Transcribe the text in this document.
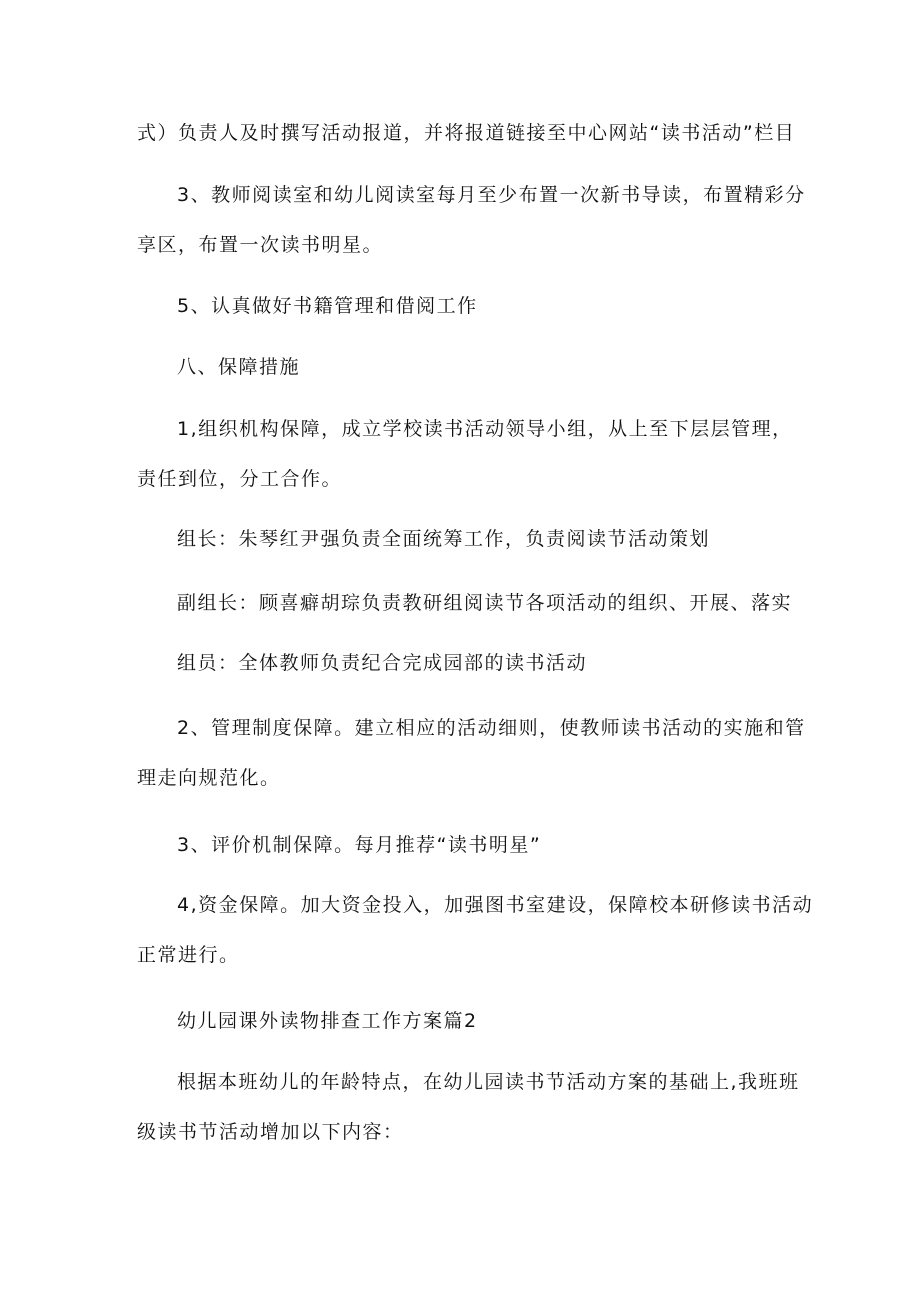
式）负责人及时撰写活动报道，并将报道链接至中心网站“读书活动”栏目

3、教师阅读室和幼儿阅读室每月至少布置一次新书导读，布置精彩分
享区，布置一次读书明星。

5、认真做好书籍管理和借阅工作

八、保障措施

1,组织机构保障，成立学校读书活动领导小组，从上至下层层管理，
责任到位，分工合作。

组长：朱琴红尹强负责全面统筹工作，负责阅读节活动策划

副组长：顾喜癖胡琮负责教研组阅读节各项活动的组织、开展、落实

组员：全体教师负责纪合完成园部的读书活动

2、管理制度保障。建立相应的活动细则，使教师读书活动的实施和管
理走向规范化。

3、评价机制保障。每月推荐“读书明星”

4,资金保障。加大资金投入，加强图书室建设，保障校本研修读书活动
正常进行。

幼儿园课外读物排查工作方案篇2

根据本班幼儿的年龄特点，在幼儿园读书节活动方案的基础上,我班班
级读书节活动增加以下内容：
